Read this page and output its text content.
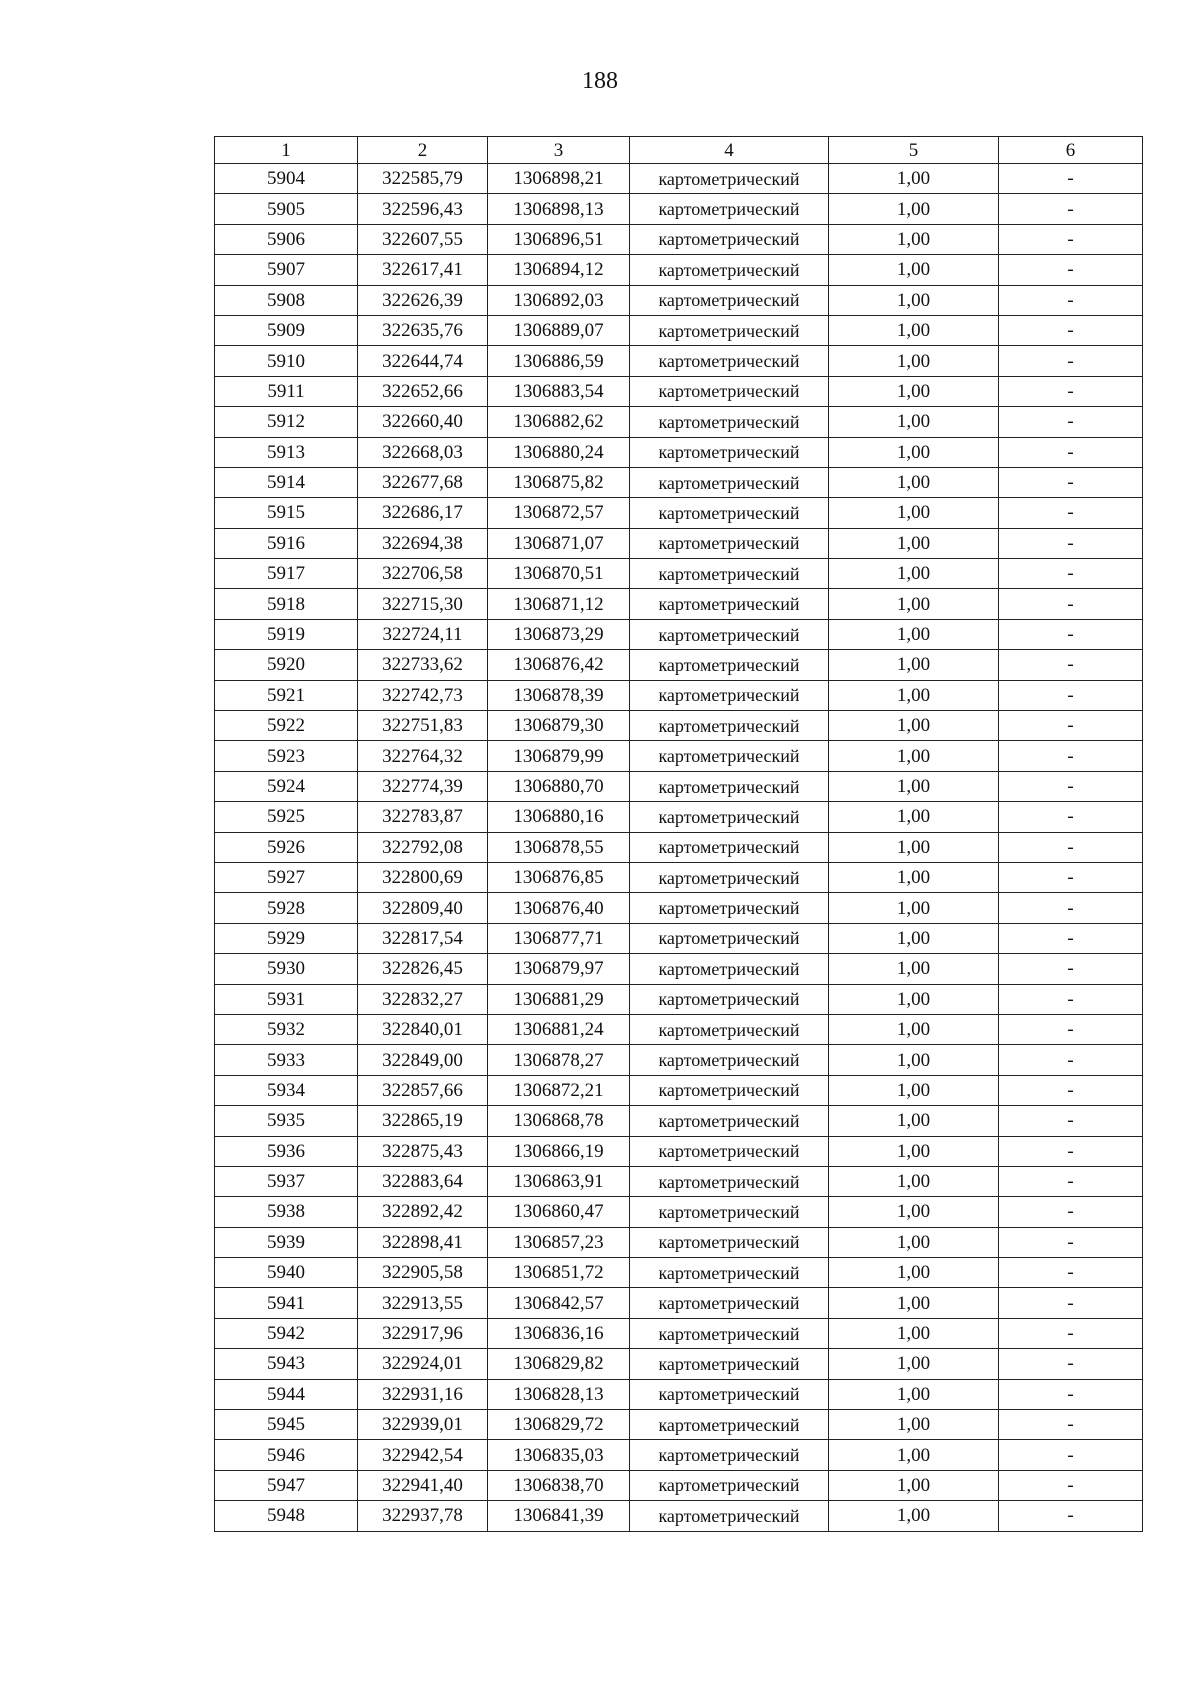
188
1	2	3	4	5	6
5904	322585,79	1306898,21	картометрический	1,00	-
5905	322596,43	1306898,13	картометрический	1,00	-
5906	322607,55	1306896,51	картометрический	1,00	-
5907	322617,41	1306894,12	картометрический	1,00	-
5908	322626,39	1306892,03	картометрический	1,00	-
5909	322635,76	1306889,07	картометрический	1,00	-
5910	322644,74	1306886,59	картометрический	1,00	-
5911	322652,66	1306883,54	картометрический	1,00	-
5912	322660,40	1306882,62	картометрический	1,00	-
5913	322668,03	1306880,24	картометрический	1,00	-
5914	322677,68	1306875,82	картометрический	1,00	-
5915	322686,17	1306872,57	картометрический	1,00	-
5916	322694,38	1306871,07	картометрический	1,00	-
5917	322706,58	1306870,51	картометрический	1,00	-
5918	322715,30	1306871,12	картометрический	1,00	-
5919	322724,11	1306873,29	картометрический	1,00	-
5920	322733,62	1306876,42	картометрический	1,00	-
5921	322742,73	1306878,39	картометрический	1,00	-
5922	322751,83	1306879,30	картометрический	1,00	-
5923	322764,32	1306879,99	картометрический	1,00	-
5924	322774,39	1306880,70	картометрический	1,00	-
5925	322783,87	1306880,16	картометрический	1,00	-
5926	322792,08	1306878,55	картометрический	1,00	-
5927	322800,69	1306876,85	картометрический	1,00	-
5928	322809,40	1306876,40	картометрический	1,00	-
5929	322817,54	1306877,71	картометрический	1,00	-
5930	322826,45	1306879,97	картометрический	1,00	-
5931	322832,27	1306881,29	картометрический	1,00	-
5932	322840,01	1306881,24	картометрический	1,00	-
5933	322849,00	1306878,27	картометрический	1,00	-
5934	322857,66	1306872,21	картометрический	1,00	-
5935	322865,19	1306868,78	картометрический	1,00	-
5936	322875,43	1306866,19	картометрический	1,00	-
5937	322883,64	1306863,91	картометрический	1,00	-
5938	322892,42	1306860,47	картометрический	1,00	-
5939	322898,41	1306857,23	картометрический	1,00	-
5940	322905,58	1306851,72	картометрический	1,00	-
5941	322913,55	1306842,57	картометрический	1,00	-
5942	322917,96	1306836,16	картометрический	1,00	-
5943	322924,01	1306829,82	картометрический	1,00	-
5944	322931,16	1306828,13	картометрический	1,00	-
5945	322939,01	1306829,72	картометрический	1,00	-
5946	322942,54	1306835,03	картометрический	1,00	-
5947	322941,40	1306838,70	картометрический	1,00	-
5948	322937,78	1306841,39	картометрический	1,00	-
